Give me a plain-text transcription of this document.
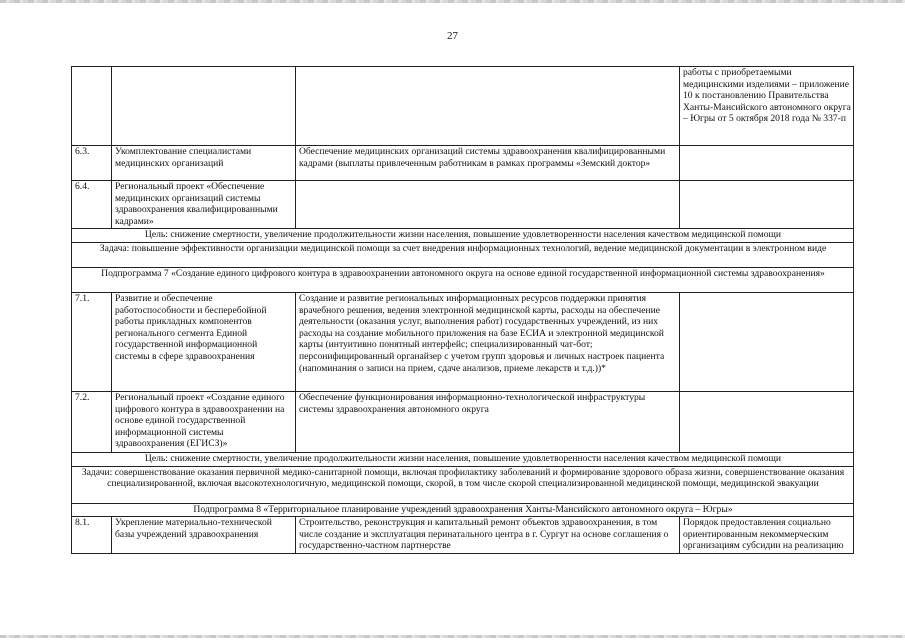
27
			работы с приобретаемыми медицинскими изделиями – приложение 10 к постановлению Правительства Ханты-Мансийского автономного округа – Югры от 5 октября 2018 года № 337-п
6.3.	Укомплектование специалистами медицинских организаций	Обеспечение медицинских организаций системы здравоохранения квалифицированными кадрами (выплаты привлеченным работникам в рамках программы «Земский доктор»	
6.4.	Региональный проект «Обеспечение медицинских организаций системы здравоохранения квалифицированными кадрами»		
Цель: снижение смертности, увеличение продолжительности жизни населения, повышение удовлетворенности населения качеством медицинской помощи			
Задача: повышение эффективности организации медицинской помощи за счет внедрения информационных технологий, ведение медицинской документации в электронном виде			
Подпрограмма 7 «Создание единого цифрового контура в здравоохранении автономного округа на основе единой государственной информационной системы здравоохранения»			
7.1.	Развитие и обеспечение работоспособности и бесперебойной работы прикладных компонентов регионального сегмента Единой государственной информационной системы в сфере здравоохранения	Создание и развитие региональных информационных ресурсов поддержки принятия врачебного решения, ведения электронной медицинской карты, расходы на обеспечение деятельности (оказания услуг, выполнения работ) государственных учреждений, из них расходы на создание мобильного приложения на базе ЕСИА и электронной медицинской карты (интуитивно понятный интерфейс; специализированный чат-бот; персонифицированный органайзер с учетом групп здоровья и личных настроек пациента (напоминания о записи на прием, сдаче анализов, приеме лекарств и т.д.))*	
7.2.	Региональный проект «Создание единого цифрового контура в здравоохранении на основе единой государственной информационной системы здравоохранения (ЕГИСЗ)»	Обеспечение функционирования информационно-технологической инфраструктуры системы здравоохранения автономного округа	
Цель: снижение смертности, увеличение продолжительности жизни населения, повышение удовлетворенности населения качеством медицинской помощи			
Задачи: совершенствование оказания первичной медико-санитарной помощи, включая профилактику заболеваний и формирование здорового образа жизни, совершенствование оказания специализированной, включая высокотехнологичную, медицинской помощи, скорой, в том числе скорой специализированной медицинской помощи, медицинской эвакуации			
Подпрограмма 8 «Территориальное планирование учреждений здравоохранения Ханты-Мансийского автономного округа – Югры»			
8.1.	Укрепление материально-технической базы учреждений здравоохранения	Строительство, реконструкция и капитальный ремонт объектов здравоохранения, в том числе создание и эксплуатация перинатального центра в г. Сургут на основе соглашения о государственно-частном партнерстве	Порядок предоставления социально ориентированным некоммерческим организациям субсидии на реализацию
